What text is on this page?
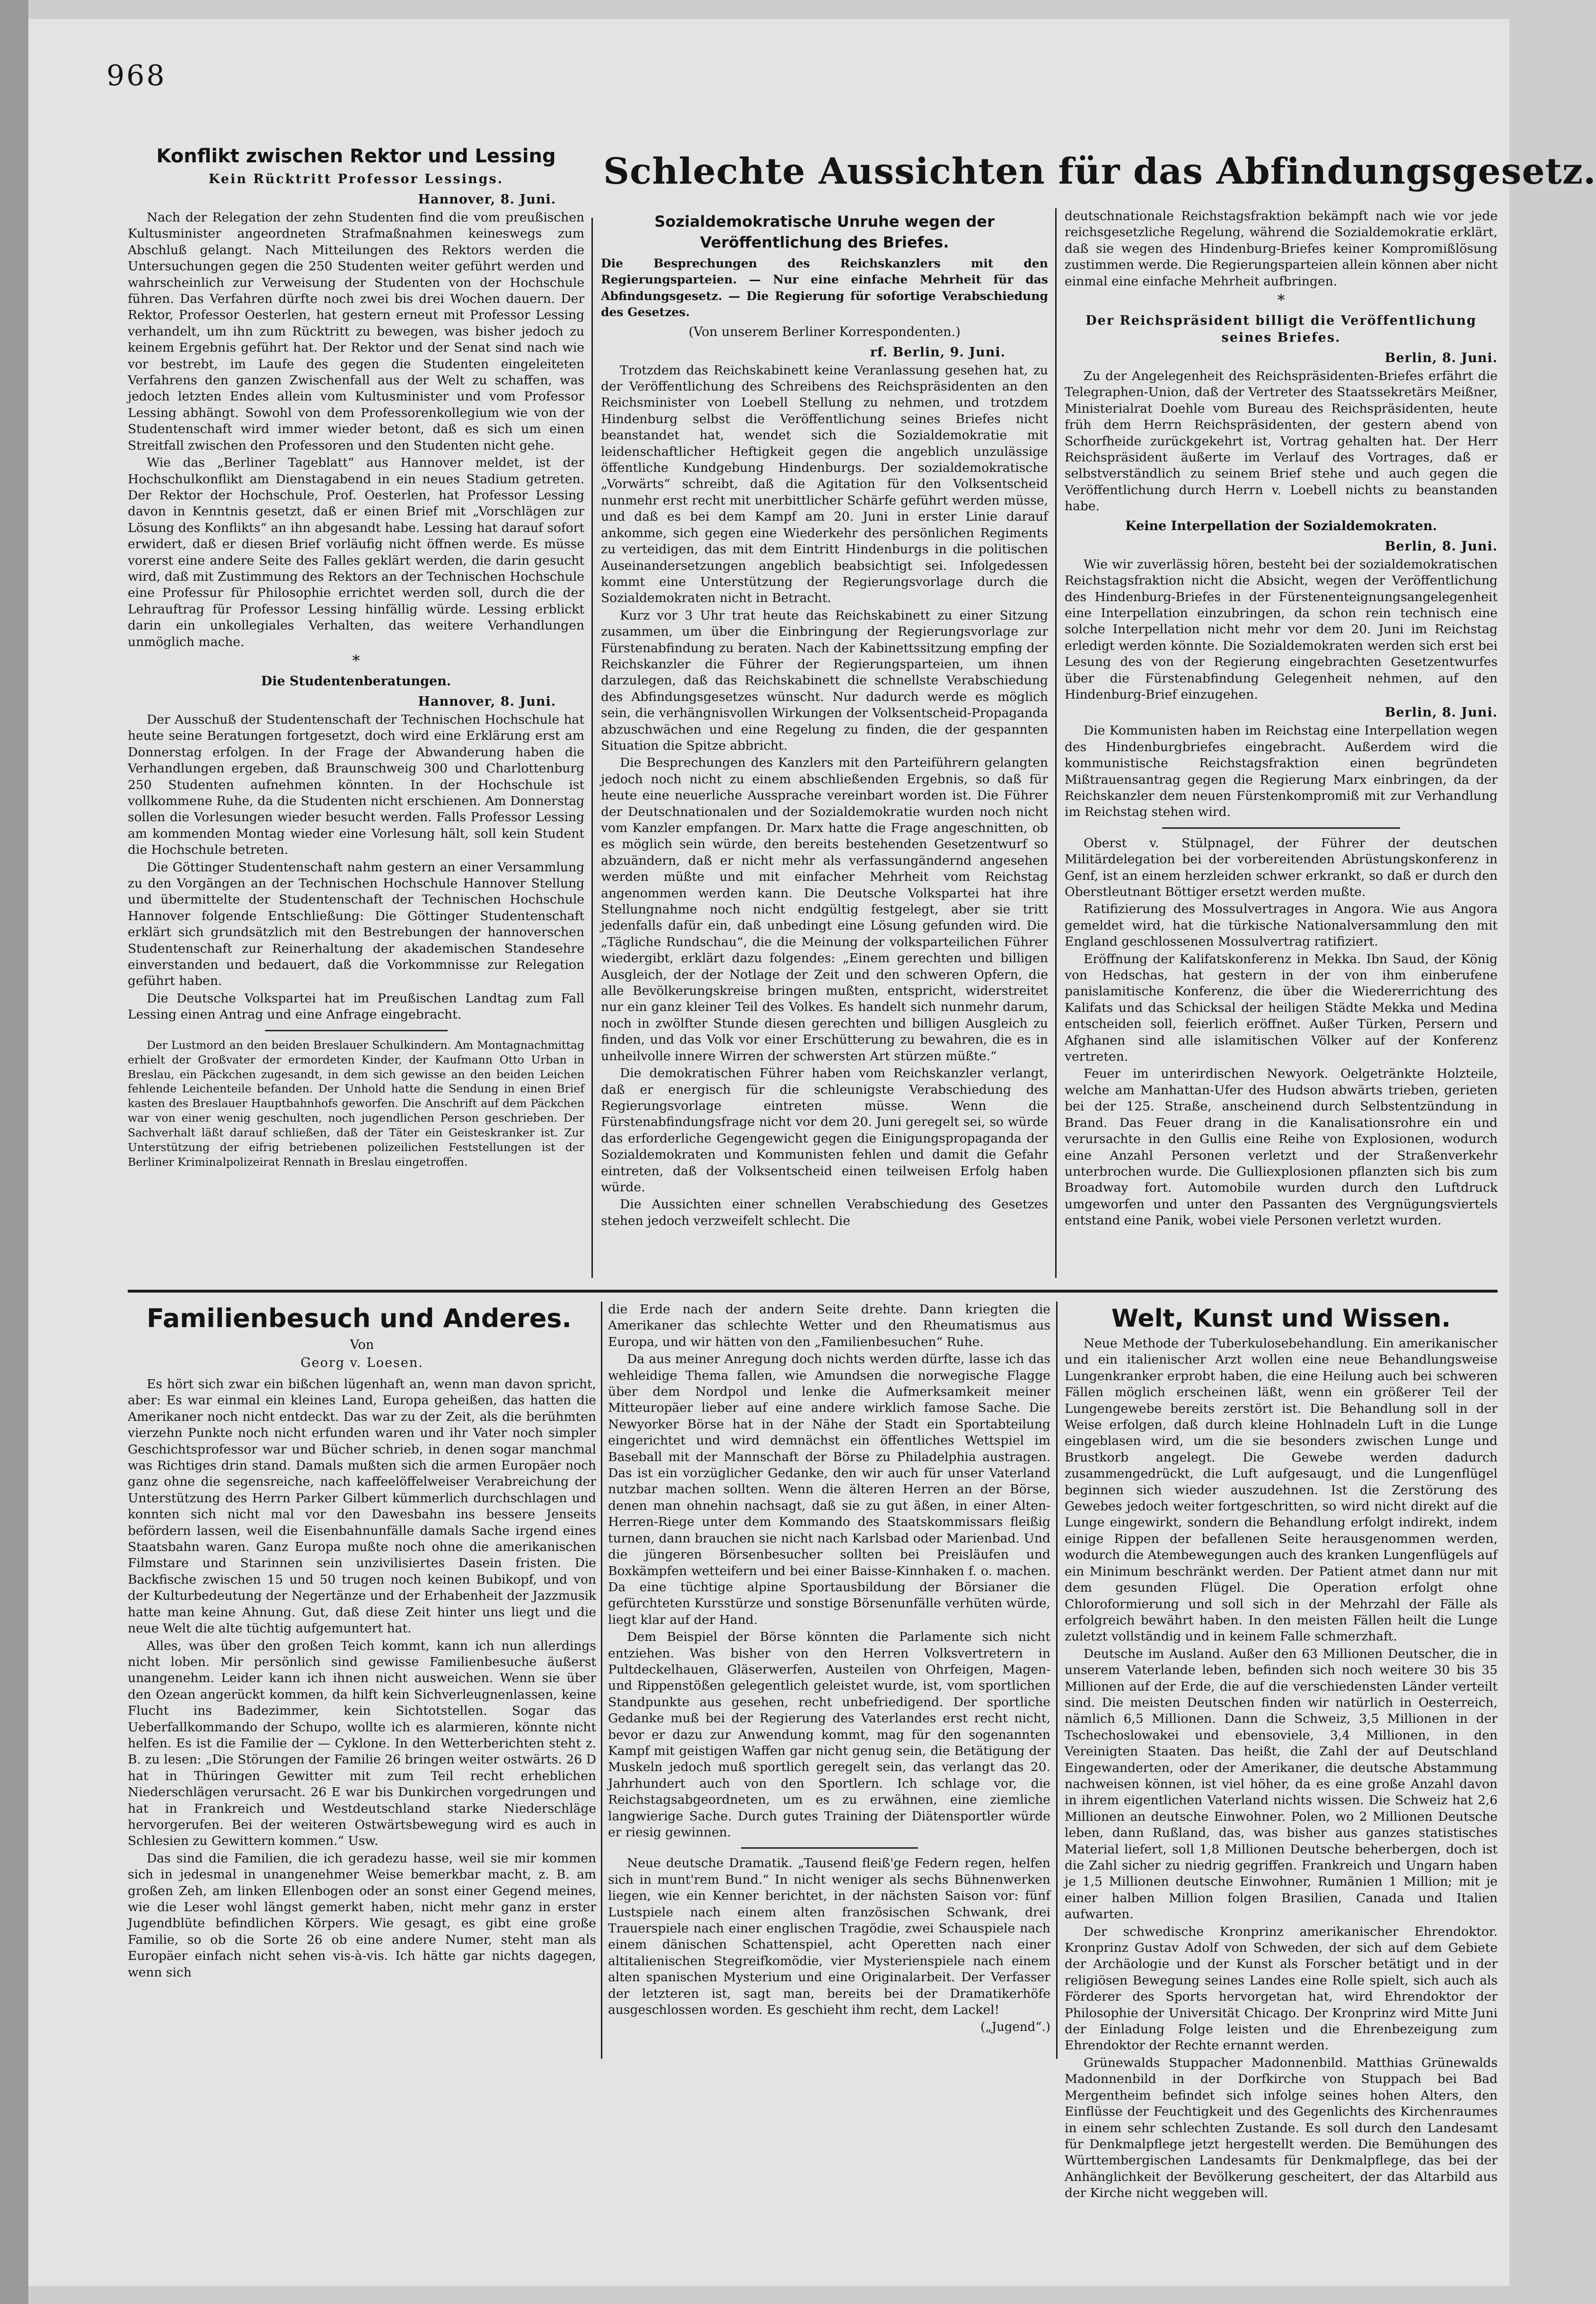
968
Konflikt zwischen Rektor und Lessing
Kein Rücktritt Professor Lessings.
Hannover, 8. Juni.

Nach der Relegation der zehn Studenten find die vom preußischen Kultusminister angeordneten Strafmaßnahmen keineswegs zum Abschluß gelangt. Nach Mitteilungen des Rektors werden die Untersuchungen gegen die 250 Studenten weiter geführt werden und wahrscheinlich zur Verweisung der Studenten von der Hochschule führen. Das Verfahren dürfte noch zwei bis drei Wochen dauern. Der Rektor, Professor Oesterlen, hat gestern erneut mit Professor Lessing verhandelt, um ihn zum Rücktritt zu bewegen, was bisher jedoch zu keinem Ergebnis geführt hat. Der Rektor und der Senat sind nach wie vor bestrebt, im Laufe des gegen die Studenten eingeleiteten Verfahrens den ganzen Zwischenfall aus der Welt zu schaffen, was jedoch letzten Endes allein vom Kultusminister und vom Professor Lessing abhängt. Sowohl von dem Professorenkollegium wie von der Studentenschaft wird immer wieder betont, daß es sich um einen Streitfall zwischen den Professoren und den Studenten nicht gehe.

Wie das „Berliner Tageblatt“ aus Hannover meldet, ist der Hochschulkonflikt am Dienstagabend in ein neues Stadium getreten. Der Rektor der Hochschule, Prof. Oesterlen, hat Professor Lessing davon in Kenntnis gesetzt, daß er einen Brief mit „Vorschlägen zur Lösung des Konflikts“ an ihn abgesandt habe. Lessing hat darauf sofort erwidert, daß er diesen Brief vorläufig nicht öffnen werde. Es müsse vorerst eine andere Seite des Falles geklärt werden, die darin gesucht wird, daß mit Zustimmung des Rektors an der Technischen Hochschule eine Professur für Philosophie errichtet werden soll, durch die der Lehrauftrag für Professor Lessing hinfällig würde. Lessing erblickt darin ein unkollegiales Verhalten, das weitere Verhandlungen unmöglich mache.

*
Die Studentenberatungen.
Hannover, 8. Juni.

Der Ausschuß der Studentenschaft der Technischen Hochschule hat heute seine Beratungen fortgesetzt, doch wird eine Erklärung erst am Donnerstag erfolgen. In der Frage der Abwanderung haben die Verhandlungen ergeben, daß Braunschweig 300 und Charlottenburg 250 Studenten aufnehmen könnten. In der Hochschule ist vollkommene Ruhe, da die Studenten nicht erschienen. Am Donnerstag sollen die Vorlesungen wieder besucht werden. Falls Professor Lessing am kommenden Montag wieder eine Vorlesung hält, soll kein Student die Hochschule betreten.

Die Göttinger Studentenschaft nahm gestern an einer Versammlung zu den Vorgängen an der Technischen Hochschule Hannover Stellung und übermittelte der Studentenschaft der Technischen Hochschule Hannover folgende Entschließung: Die Göttinger Studentenschaft erklärt sich grundsätzlich mit den Bestrebungen der hannoverschen Studentenschaft zur Reinerhaltung der akademischen Standesehre einverstanden und bedauert, daß die Vorkommnisse zur Relegation geführt haben.

Die Deutsche Volkspartei hat im Preußischen Landtag zum Fall Lessing einen Antrag und eine Anfrage eingebracht.

Der Lustmord an den beiden Breslauer Schulkindern. Am Montagnachmittag erhielt der Großvater der ermordeten Kinder, der Kaufmann Otto Urban in Breslau, ein Päckchen zugesandt, in dem sich gewisse an den beiden Leichen fehlende Leichenteile befanden. Der Unhold hatte die Sendung in einen Brief kasten des Breslauer Hauptbahnhofs geworfen. Die Anschrift auf dem Päckchen war von einer wenig geschulten, noch jugendlichen Person geschrieben. Der Sachverhalt läßt darauf schließen, daß der Täter ein Geisteskranker ist. Zur Unterstützung der eifrig betriebenen polizeilichen Feststellungen ist der Berliner Kriminalpolizeirat Rennath in Breslau eingetroffen.

Schlechte Aussichten für das Abfindungsgesetz.
Sozialdemokratische Unruhe wegen der Veröffentlichung des Briefes.

Die Besprechungen des Reichskanzlers mit den Regierungsparteien. — Nur eine einfache Mehrheit für das Abfindungsgesetz. — Die Regierung für sofortige Verabschiedung des Gesetzes.

(Von unserem Berliner Korrespondenten.)
rf. Berlin, 9. Juni.

Trotzdem das Reichskabinett keine Veranlassung gesehen hat, zu der Veröffentlichung des Schreibens des Reichspräsidenten an den Reichsminister von Loebell Stellung zu nehmen, und trotzdem Hindenburg selbst die Veröffentlichung seines Briefes nicht beanstandet hat, wendet sich die Sozialdemokratie mit leidenschaftlicher Heftigkeit gegen die angeblich unzulässige öffentliche Kundgebung Hindenburgs. Der sozialdemokratische „Vorwärts“ schreibt, daß die Agitation für den Volksentscheid nunmehr erst recht mit unerbittlicher Schärfe geführt werden müsse, und daß es bei dem Kampf am 20. Juni in erster Linie darauf ankomme, sich gegen eine Wiederkehr des persönlichen Regiments zu verteidigen, das mit dem Eintritt Hindenburgs in die politischen Auseinandersetzungen angeblich beabsichtigt sei. Infolgedessen kommt eine Unterstützung der Regierungsvorlage durch die Sozialdemokraten nicht in Betracht.

Kurz vor 3 Uhr trat heute das Reichskabinett zu einer Sitzung zusammen, um über die Einbringung der Regierungsvorlage zur Fürstenabfindung zu beraten. Nach der Kabinettssitzung empfing der Reichskanzler die Führer der Regierungsparteien, um ihnen darzulegen, daß das Reichskabinett die schnellste Verabschiedung des Abfindungsgesetzes wünscht. Nur dadurch werde es möglich sein, die verhängnisvollen Wirkungen der Volksentscheid-Propaganda abzuschwächen und eine Regelung zu finden, die der gespannten Situation die Spitze abbricht.

Die Besprechungen des Kanzlers mit den Parteiführern gelangten jedoch noch nicht zu einem abschließenden Ergebnis, so daß für heute eine neuerliche Aussprache vereinbart worden ist. Die Führer der Deutschnationalen und der Sozialdemokratie wurden noch nicht vom Kanzler empfangen. Dr. Marx hatte die Frage angeschnitten, ob es möglich sein würde, den bereits bestehenden Gesetzentwurf so abzuändern, daß er nicht mehr als verfassungändernd angesehen werden müßte und mit einfacher Mehrheit vom Reichstag angenommen werden kann. Die Deutsche Volkspartei hat ihre Stellungnahme noch nicht endgültig festgelegt, aber sie tritt jedenfalls dafür ein, daß unbedingt eine Lösung gefunden wird. Die „Tägliche Rundschau“, die die Meinung der volksparteilichen Führer wiedergibt, erklärt dazu folgendes: „Einem gerechten und billigen Ausgleich, der der Notlage der Zeit und den schweren Opfern, die alle Bevölkerungskreise bringen mußten, entspricht, widerstreitet nur ein ganz kleiner Teil des Volkes. Es handelt sich nunmehr darum, noch in zwölfter Stunde diesen gerechten und billigen Ausgleich zu finden, und das Volk vor einer Erschütterung zu bewahren, die es in unheilvolle innere Wirren der schwersten Art stürzen müßte.“

Die demokratischen Führer haben vom Reichskanzler verlangt, daß er energisch für die schleunigste Verabschiedung des Regierungsvorlage eintreten müsse. Wenn die Fürstenabfindungsfrage nicht vor dem 20. Juni geregelt sei, so würde das erforderliche Gegengewicht gegen die Einigungspropaganda der Sozialdemokraten und Kommunisten fehlen und damit die Gefahr eintreten, daß der Volksentscheid einen teilweisen Erfolg haben würde.

Die Aussichten einer schnellen Verabschiedung des Gesetzes stehen jedoch verzweifelt schlecht. Die

deutschnationale Reichstagsfraktion bekämpft nach wie vor jede reichsgesetzliche Regelung, während die Sozialdemokratie erklärt, daß sie wegen des Hindenburg-Briefes keiner Kompromißlösung zustimmen werde. Die Regierungsparteien allein können aber nicht einmal eine einfache Mehrheit aufbringen.

*
Der Reichspräsident billigt die Veröffentlichung seines Briefes.
Berlin, 8. Juni.

Zu der Angelegenheit des Reichspräsidenten-Briefes erfährt die Telegraphen-Union, daß der Vertreter des Staatssekretärs Meißner, Ministerialrat Doehle vom Bureau des Reichspräsidenten, heute früh dem Herrn Reichspräsidenten, der gestern abend von Schorfheide zurückgekehrt ist, Vortrag gehalten hat. Der Herr Reichspräsident äußerte im Verlauf des Vortrages, daß er selbstverständlich zu seinem Brief stehe und auch gegen die Veröffentlichung durch Herrn v. Loebell nichts zu beanstanden habe.

Keine Interpellation der Sozialdemokraten.
Berlin, 8. Juni.

Wie wir zuverlässig hören, besteht bei der sozialdemokratischen Reichstagsfraktion nicht die Absicht, wegen der Veröffentlichung des Hindenburg-Briefes in der Fürstenenteignungsangelegenheit eine Interpellation einzubringen, da schon rein technisch eine solche Interpellation nicht mehr vor dem 20. Juni im Reichstag erledigt werden könnte. Die Sozialdemokraten werden sich erst bei Lesung des von der Regierung eingebrachten Gesetzentwurfes über die Fürstenabfindung Gelegenheit nehmen, auf den Hindenburg-Brief einzugehen.

Berlin, 8. Juni.

Die Kommunisten haben im Reichstag eine Interpellation wegen des Hindenburgbriefes eingebracht. Außerdem wird die kommunistische Reichstagsfraktion einen begründeten Mißtrauensantrag gegen die Regierung Marx einbringen, da der Reichskanzler dem neuen Fürstenkompromiß mit zur Verhandlung im Reichstag stehen wird.

Oberst v. Stülpnagel, der Führer der deutschen Militärdelegation bei der vorbereitenden Abrüstungskonferenz in Genf, ist an einem herzleiden schwer erkrankt, so daß er durch den Oberstleutnant Böttiger ersetzt werden mußte.

Ratifizierung des Mossulvertrages in Angora. Wie aus Angora gemeldet wird, hat die türkische Nationalversammlung den mit England geschlossenen Mossulvertrag ratifiziert.

Eröffnung der Kalifatskonferenz in Mekka. Ibn Saud, der König von Hedschas, hat gestern in der von ihm einberufene panislamitische Konferenz, die über die Wiedererrichtung des Kalifats und das Schicksal der heiligen Städte Mekka und Medina entscheiden soll, feierlich eröffnet. Außer Türken, Persern und Afghanen sind alle islamitischen Völker auf der Konferenz vertreten.

Feuer im unterirdischen Newyork. Oelgetränkte Holzteile, welche am Manhattan-Ufer des Hudson abwärts trieben, gerieten bei der 125. Straße, anscheinend durch Selbstentzündung in Brand. Das Feuer drang in die Kanalisationsrohre ein und verursachte in den Gullis eine Reihe von Explosionen, wodurch eine Anzahl Personen verletzt und der Straßenverkehr unterbrochen wurde. Die Gulliexplosionen pflanzten sich bis zum Broadway fort. Automobile wurden durch den Luftdruck umgeworfen und unter den Passanten des Vergnügungsviertels entstand eine Panik, wobei viele Personen verletzt wurden.

Familienbesuch und Anderes.
Von
Georg v. Loesen.

Es hört sich zwar ein bißchen lügenhaft an, wenn man davon spricht, aber: Es war einmal ein kleines Land, Europa geheißen, das hatten die Amerikaner noch nicht entdeckt. Das war zu der Zeit, als die berühmten vierzehn Punkte noch nicht erfunden waren und ihr Vater noch simpler Geschichtsprofessor war und Bücher schrieb, in denen sogar manchmal was Richtiges drin stand. Damals mußten sich die armen Europäer noch ganz ohne die segensreiche, nach kaffeelöffelweiser Verabreichung der Unterstützung des Herrn Parker Gilbert kümmerlich durchschlagen und konnten sich nicht mal vor den Dawesbahn ins bessere Jenseits befördern lassen, weil die Eisenbahnunfälle damals Sache irgend eines Staatsbahn waren. Ganz Europa mußte noch ohne die amerikanischen Filmstare und Starinnen sein unzivilisiertes Dasein fristen. Die Backfische zwischen 15 und 50 trugen noch keinen Bubikopf, und von der Kulturbedeutung der Negertänze und der Erhabenheit der Jazzmusik hatte man keine Ahnung. Gut, daß diese Zeit hinter uns liegt und die neue Welt die alte tüchtig aufgemuntert hat.

Alles, was über den großen Teich kommt, kann ich nun allerdings nicht loben. Mir persönlich sind gewisse Familienbesuche äußerst unangenehm. Leider kann ich ihnen nicht ausweichen. Wenn sie über den Ozean angerückt kommen, da hilft kein Sichverleugnenlassen, keine Flucht ins Badezimmer, kein Sichtotstellen. Sogar das Ueberfallkommando der Schupo, wollte ich es alarmieren, könnte nicht helfen. Es ist die Familie der — Cyklone. In den Wetterberichten steht z. B. zu lesen: „Die Störungen der Familie 26 bringen weiter ostwärts. 26 D hat in Thüringen Gewitter mit zum Teil recht erheblichen Niederschlägen verursacht. 26 E war bis Dunkirchen vorgedrungen und hat in Frankreich und Westdeutschland starke Niederschläge hervorgerufen. Bei der weiteren Ostwärtsbewegung wird es auch in Schlesien zu Gewittern kommen.“ Usw.

Das sind die Familien, die ich geradezu hasse, weil sie mir kommen sich in jedesmal in unangenehmer Weise bemerkbar macht, z. B. am großen Zeh, am linken Ellenbogen oder an sonst einer Gegend meines, wie die Leser wohl längst gemerkt haben, nicht mehr ganz in erster Jugendblüte befindlichen Körpers. Wie gesagt, es gibt eine große Familie, so ob die Sorte 26 ob eine andere Numer, steht man als Europäer einfach nicht sehen vis-à-vis. Ich hätte gar nichts dagegen, wenn sich

die Erde nach der andern Seite drehte. Dann kriegten die Amerikaner das schlechte Wetter und den Rheumatismus aus Europa, und wir hätten von den „Familienbesuchen“ Ruhe.

Da aus meiner Anregung doch nichts werden dürfte, lasse ich das wehleidige Thema fallen, wie Amundsen die norwegische Flagge über dem Nordpol und lenke die Aufmerksamkeit meiner Mitteuropäer lieber auf eine andere wirklich famose Sache. Die Newyorker Börse hat in der Nähe der Stadt ein Sportabteilung eingerichtet und wird demnächst ein öffentliches Wettspiel im Baseball mit der Mannschaft der Börse zu Philadelphia austragen. Das ist ein vorzüglicher Gedanke, den wir auch für unser Vaterland nutzbar machen sollten. Wenn die älteren Herren an der Börse, denen man ohnehin nachsagt, daß sie zu gut äßen, in einer Alten-Herren-Riege unter dem Kommando des Staatskommissars fleißig turnen, dann brauchen sie nicht nach Karlsbad oder Marienbad. Und die jüngeren Börsenbesucher sollten bei Preisläufen und Boxkämpfen wetteifern und bei einer Baisse-Kinnhaken f. o. machen. Da eine tüchtige alpine Sportausbildung der Börsianer die gefürchteten Kursstürze und sonstige Börsenunfälle verhüten würde, liegt klar auf der Hand.

Dem Beispiel der Börse könnten die Parlamente sich nicht entziehen. Was bisher von den Herren Volksvertretern in Pultdeckelhauen, Gläserwerfen, Austeilen von Ohrfeigen, Magen- und Rippenstößen gelegentlich geleistet wurde, ist, vom sportlichen Standpunkte aus gesehen, recht unbefriedigend. Der sportliche Gedanke muß bei der Regierung des Vaterlandes erst recht nicht, bevor er dazu zur Anwendung kommt, mag für den sogenannten Kampf mit geistigen Waffen gar nicht genug sein, die Betätigung der Muskeln jedoch muß sportlich geregelt sein, das verlangt das 20. Jahrhundert auch von den Sportlern. Ich schlage vor, die Reichstagsabgeordneten, um es zu erwähnen, eine ziemliche langwierige Sache. Durch gutes Training der Diätensportler würde er riesig gewinnen.

Neue deutsche Dramatik. „Tausend fleiß'ge Federn regen, helfen sich in munt'rem Bund.“ In nicht weniger als sechs Bühnenwerken liegen, wie ein Kenner berichtet, in der nächsten Saison vor: fünf Lustspiele nach einem alten französischen Schwank, drei Trauerspiele nach einer englischen Tragödie, zwei Schauspiele nach einem dänischen Schattenspiel, acht Operetten nach einer altitalienischen Stegreifkomödie, vier Mysterienspiele nach einem alten spanischen Mysterium und eine Originalarbeit. Der Verfasser der letzteren ist, sagt man, bereits bei der Dramatikerhöfe ausgeschlossen worden. Es geschieht ihm recht, dem Lackel!

(„Jugend“.)
Welt, Kunst und Wissen.

Neue Methode der Tuberkulosebehandlung. Ein amerikanischer und ein italienischer Arzt wollen eine neue Behandlungsweise Lungenkranker erprobt haben, die eine Heilung auch bei schweren Fällen möglich erscheinen läßt, wenn ein größerer Teil der Lungengewebe bereits zerstört ist. Die Behandlung soll in der Weise erfolgen, daß durch kleine Hohlnadeln Luft in die Lunge eingeblasen wird, um die sie besonders zwischen Lunge und Brustkorb angelegt. Die Gewebe werden dadurch zusammengedrückt, die Luft aufgesaugt, und die Lungenflügel beginnen sich wieder auszudehnen. Ist die Zerstörung des Gewebes jedoch weiter fortgeschritten, so wird nicht direkt auf die Lunge eingewirkt, sondern die Behandlung erfolgt indirekt, indem einige Rippen der befallenen Seite herausgenommen werden, wodurch die Atembewegungen auch des kranken Lungenflügels auf ein Minimum beschränkt werden. Der Patient atmet dann nur mit dem gesunden Flügel. Die Operation erfolgt ohne Chloroformierung und soll sich in der Mehrzahl der Fälle als erfolgreich bewährt haben. In den meisten Fällen heilt die Lunge zuletzt vollständig und in keinem Falle schmerzhaft.

Deutsche im Ausland. Außer den 63 Millionen Deutscher, die in unserem Vaterlande leben, befinden sich noch weitere 30 bis 35 Millionen auf der Erde, die auf die verschiedensten Länder verteilt sind. Die meisten Deutschen finden wir natürlich in Oesterreich, nämlich 6,5 Millionen. Dann die Schweiz, 3,5 Millionen in der Tschechoslowakei und ebensoviele, 3,4 Millionen, in den Vereinigten Staaten. Das heißt, die Zahl der auf Deutschland Eingewanderten, oder der Amerikaner, die deutsche Abstammung nachweisen können, ist viel höher, da es eine große Anzahl davon in ihrem eigentlichen Vaterland nichts wissen. Die Schweiz hat 2,6 Millionen an deutsche Einwohner. Polen, wo 2 Millionen Deutsche leben, dann Rußland, das, was bisher aus ganzes statistisches Material liefert, soll 1,8 Millionen Deutsche beherbergen, doch ist die Zahl sicher zu niedrig gegriffen. Frankreich und Ungarn haben je 1,5 Millionen deutsche Einwohner, Rumänien 1 Million; mit je einer halben Million folgen Brasilien, Canada und Italien aufwarten.

Der schwedische Kronprinz amerikanischer Ehrendoktor. Kronprinz Gustav Adolf von Schweden, der sich auf dem Gebiete der Archäologie und der Kunst als Forscher betätigt und in der religiösen Bewegung seines Landes eine Rolle spielt, sich auch als Förderer des Sports hervorgetan hat, wird Ehrendoktor der Philosophie der Universität Chicago. Der Kronprinz wird Mitte Juni der Einladung Folge leisten und die Ehrenbezeigung zum Ehrendoktor der Rechte ernannt werden.

Grünewalds Stuppacher Madonnenbild. Matthias Grünewalds Madonnenbild in der Dorfkirche von Stuppach bei Bad Mergentheim befindet sich infolge seines hohen Alters, den Einflüsse der Feuchtigkeit und des Gegenlichts des Kirchenraumes in einem sehr schlechten Zustande. Es soll durch den Landesamt für Denkmalpflege jetzt hergestellt werden. Die Bemühungen des Württembergischen Landesamts für Denkmalpflege, das bei der Anhänglichkeit der Bevölkerung gescheitert, der das Altarbild aus der Kirche nicht weggeben will.
